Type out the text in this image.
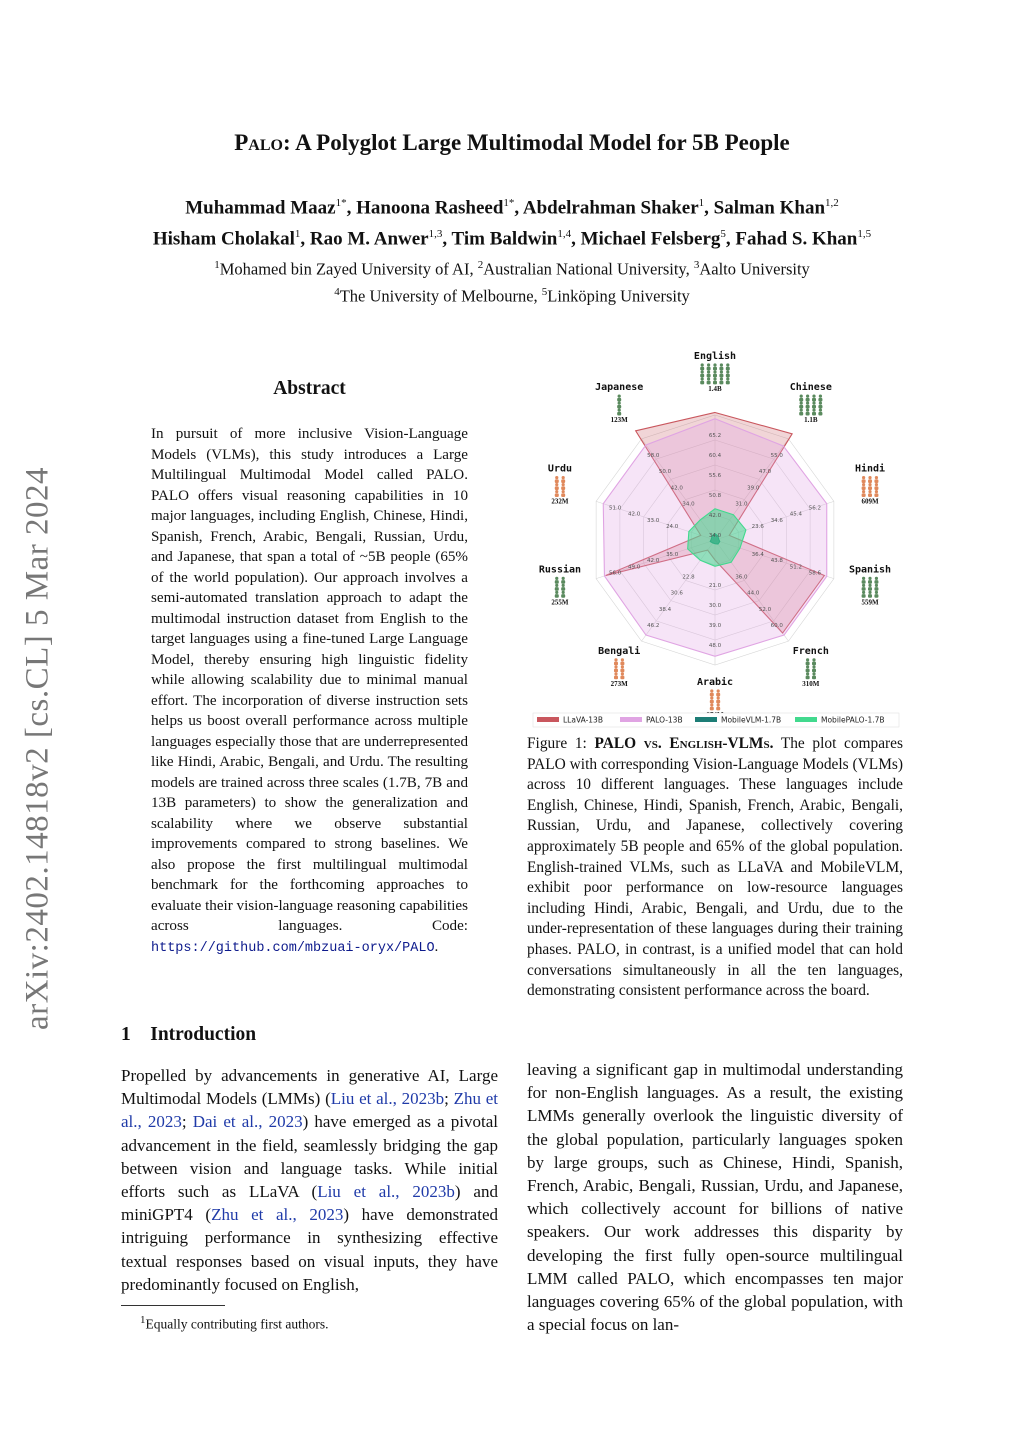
arXiv:2402.14818v2 [cs.CL] 5 Mar 2024
Palo: A Polyglot Large Multimodal Model for 5B People
Muhammad Maaz$^{1*}$, Hanoona Rasheed$^{1*}$, Abdelrahman Shaker$^1$, Salman Khan$^{1,2}$
Hisham Cholakal$^1$, Rao M. Anwer$^{1,3}$, Tim Baldwin$^{1,4}$, Michael Felsberg$^5$, Fahad S. Khan$^{1,5}$
$^1$Mohamed bin Zayed University of AI, $^2$Australian National University, $^3$Aalto University
$^4$The University of Melbourne, $^5$Linköping University
Abstract
In pursuit of more inclusive Vision-Language Models (VLMs), this study introduces a Large Multilingual Multimodal Model called PALO. PALO offers visual reasoning capabilities in 10 major languages, including English, Chinese, Hindi, Spanish, French, Arabic, Bengali, Russian, Urdu, and Japanese, that span a total of ~5B people (65% of the world population). Our approach involves a semi-automated translation approach to adapt the multimodal instruction dataset from English to the target languages using a fine-tuned Large Language Model, thereby ensuring high linguistic fidelity while allowing scalability due to minimal manual effort. The incorporation of diverse instruction sets helps us boost overall performance across multiple languages especially those that are underrepresented like Hindi, Arabic, Bengali, and Urdu. The resulting models are trained across three scales (1.7B, 7B and 13B parameters) to show the generalization and scalability where we observe substantial improvements compared to strong baselines. We also propose the first multilingual multimodal benchmark for the forthcoming approaches to evaluate their vision-language reasoning capabilities across languages. Code: https://github.com/mbzuai-oryx/PALO.
1 Introduction
Propelled by advancements in generative AI, Large Multimodal Models (LMMs) (Liu et al., 2023b; Zhu et al., 2023; Dai et al., 2023) have emerged as a pivotal advancement in the field, seamlessly bridging the gap between vision and language tasks. While initial efforts such as LLaVA (Liu et al., 2023b) and miniGPT4 (Zhu et al., 2023) have demonstrated intriguing performance in synthesizing effective textual responses based on visual inputs, they have predominantly focused on English,
$^1$Equally contributing first authors.
34.0
42.0
50.8
55.6
60.4
65.2
31.0
39.0
47.0
55.0
23.6
34.6
45.4
56.2
36.4
43.8
51.2
58.6
36.0
44.0
52.0
60.0
21.0
30.0
39.0
48.0
22.8
30.6
38.4
46.2
35.0
42.0
49.0
56.0
24.0
33.0
42.0
51.0
34.0
42.0
50.0
58.0
English
1.4B	Chinese
1.1B
Hindi
609M
Spanish
559M
French
310M
Arabic
Bengali
273M
Russian
255M
Urdu
232M
Japanese
123M
LLaVA-13B	PALO-13B	MobileVLM-1.7B	MobilePALO-1.7B
Figure 1: PALO vs. English-VLMs. The plot compares PALO with corresponding Vision-Language Models (VLMs) across 10 different languages. These languages include English, Chinese, Hindi, Spanish, French, Arabic, Bengali, Russian, Urdu, and Japanese, collectively covering approximately 5B people and 65% of the global population. English-trained VLMs, such as LLaVA and MobileVLM, exhibit poor performance on low-resource languages including Hindi, Arabic, Bengali, and Urdu, due to the under-representation of these languages during their training phases. PALO, in contrast, is a unified model that can hold conversations simultaneously in all the ten languages, demonstrating consistent performance across the board.
leaving a significant gap in multimodal understanding for non-English languages. As a result, the existing LMMs generally overlook the linguistic diversity of the global population, particularly languages spoken by large groups, such as Chinese, Hindi, Spanish, French, Arabic, Bengali, Russian, Urdu, and Japanese, which collectively account for billions of native speakers. Our work addresses this disparity by developing the first fully open-source multilingual LMM called PALO, which encompasses ten major languages covering 65% of the global population, with a special focus on lan-
